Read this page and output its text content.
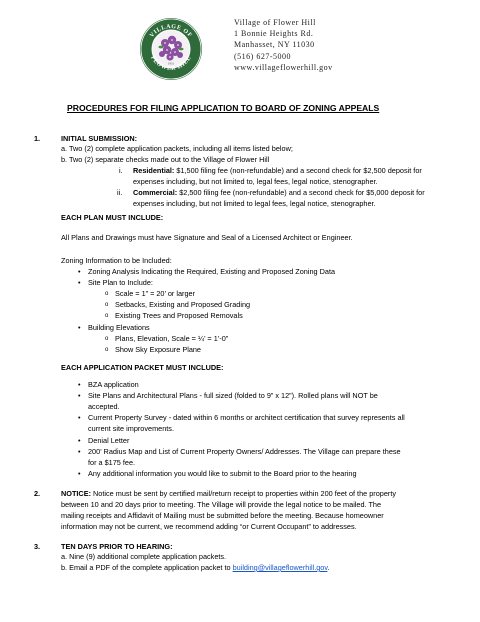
1931
VILLAGE OF
FLOWER HILL
Village of Flower Hill
1 Bonnie Heights Rd.
Manhasset, NY 11030
(516) 627-5000
www.villageflowerhill.gov
PROCEDURES FOR FILING APPLICATION TO BOARD OF ZONING APPEALS
1.	INITIAL SUBMISSION:
a. Two (2) complete application packets, including all items listed below;
b. Two (2) separate checks made out to the Village of Flower Hill
i. Residential: $1,500 filing fee (non-refundable) and a second check for $2,500 deposit for
expenses including, but not limited to, legal fees, legal notice, stenographer.
ii. Commercial: $2,500 filing fee (non-refundable) and a second check for $5,000 deposit for
expenses including, but not limited to legal fees, legal notice, stenographer.
EACH PLAN MUST INCLUDE:
All Plans and Drawings must have Signature and Seal of a Licensed Architect or Engineer.
Zoning Information to be Included:
• Zoning Analysis Indicating the Required, Existing and Proposed Zoning Data
• Site Plan to Include:
o Scale = 1” = 20’ or larger
o Setbacks, Existing and Proposed Grading
o Existing Trees and Proposed Removals
• Building Elevations
o Plans, Elevation, Scale = ¼’ = 1’-0”
o Show Sky Exposure Plane
EACH APPLICATION PACKET MUST INCLUDE:
• BZA application
• Site Plans and Architectural Plans - full sized (folded to 9” x 12”). Rolled plans will NOT be
accepted.
• Current Property Survey - dated within 6 months or architect certification that survey represents all
current site improvements.
• Denial Letter
• 200’ Radius Map and List of Current Property Owners/ Addresses. The Village can prepare these
for a $175 fee.
• Any additional information you would like to submit to the Board prior to the hearing
2.	NOTICE: Notice must be sent by certified mail/return receipt to properties within 200 feet of the property
between 10 and 20 days prior to meeting. The Village will provide the legal notice to be mailed. The
mailing receipts and Affidavit of Mailing must be submitted before the meeting. Because homeowner
information may not be current, we recommend adding “or Current Occupant” to addresses.
3.	TEN DAYS PRIOR TO HEARING:
a. Nine (9) additional complete application packets.
b. Email a PDF of the complete application packet to building@villageflowerhill.gov.
